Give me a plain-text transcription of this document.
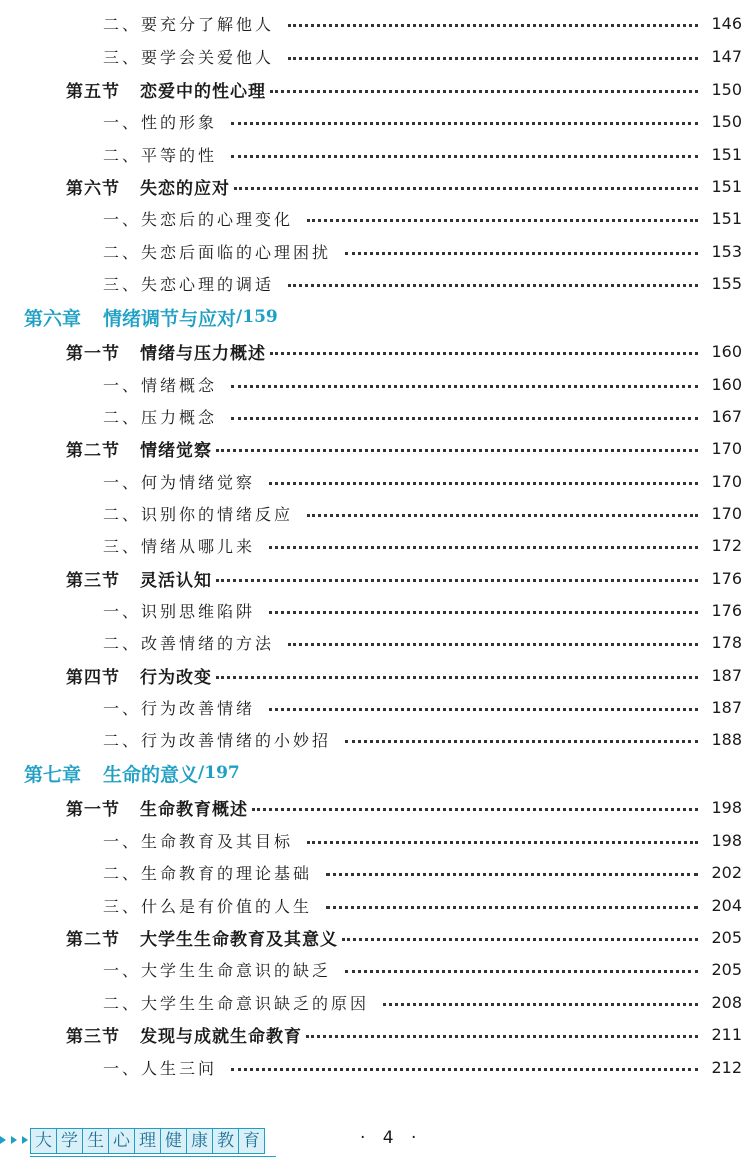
二、要充分了解他人	146
三、要学会关爱他人	147
第五节 恋爱中的性心理	150
一、性的形象	150
二、平等的性	151
第六节 失恋的应对	151
一、失恋后的心理变化	151
二、失恋后面临的心理困扰	153
三、失恋心理的调适	155
第六章 情绪调节与应对 / 159
第一节 情绪与压力概述	160
一、情绪概念	160
二、压力概念	167
第二节 情绪觉察	170
一、何为情绪觉察	170
二、识别你的情绪反应	170
三、情绪从哪儿来	172
第三节 灵活认知	176
一、识别思维陷阱	176
二、改善情绪的方法	178
第四节 行为改变	187
一、行为改善情绪	187
二、行为改善情绪的小妙招	188
第七章 生命的意义 / 197
第一节 生命教育概述	198
一、生命教育及其目标	198
二、生命教育的理论基础	202
三、什么是有价值的人生	204
第二节 大学生生命教育及其意义	205
一、大学生生命意识的缺乏	205
二、大学生生命意识缺乏的原因	208
第三节 发现与成就生命教育	211
一、人生三问	212
大 学 生 心 理 健 康 教 育	· 4 ·
